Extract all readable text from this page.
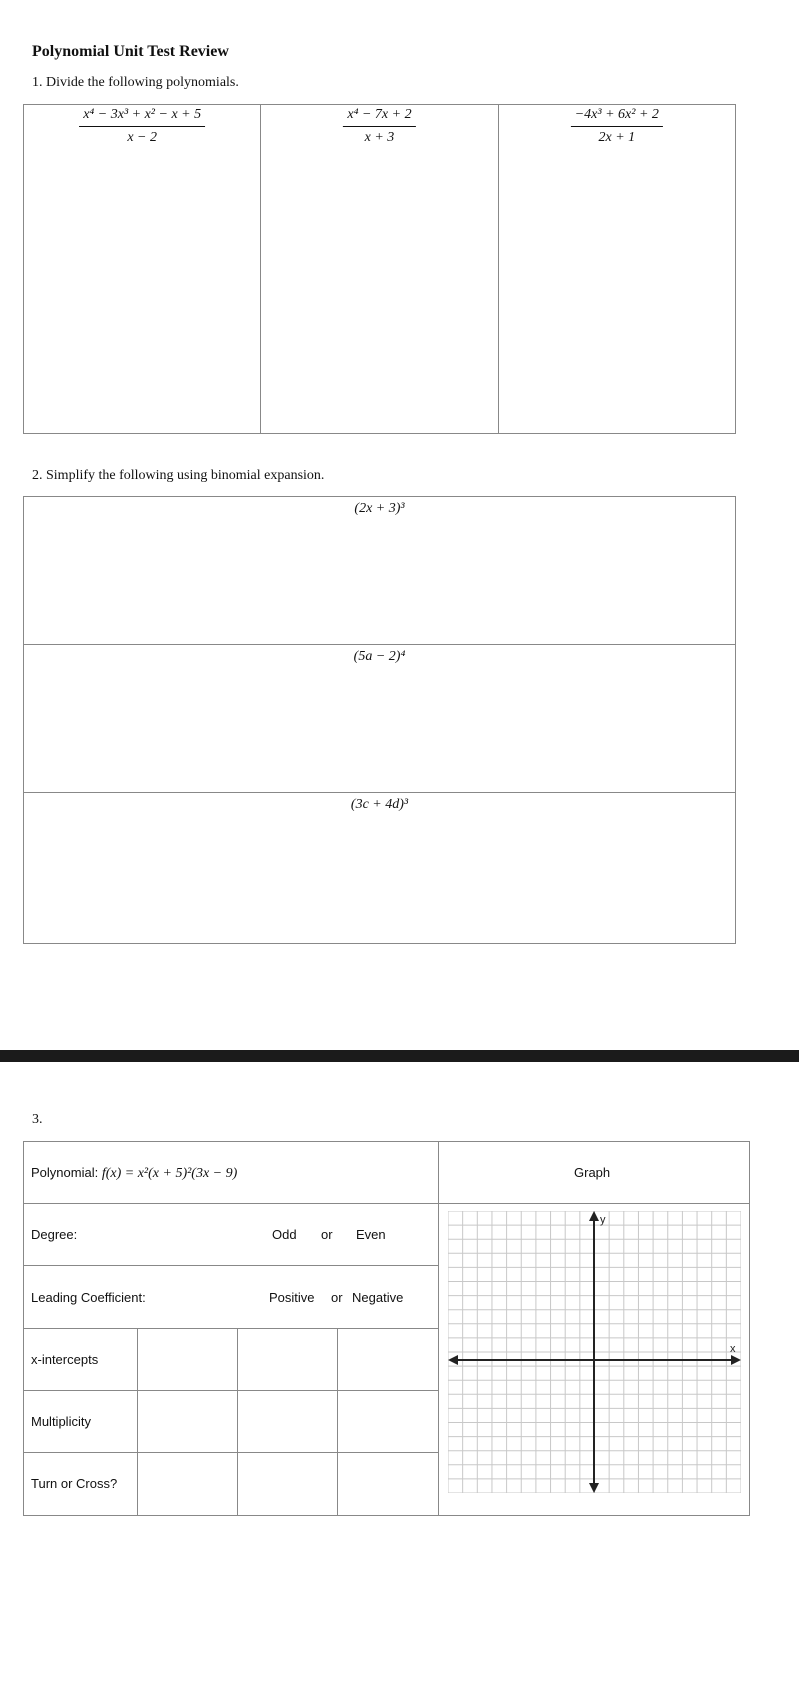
Polynomial Unit Test Review
1. Divide the following polynomials.
$\frac{\text{x⁴ − 3x³ + x² − x + 5}}{x - 2}$	$\frac{\text{x⁴ − 7x + 2}}{x + 3}$	$\frac{\text{−4x³ + 6x² + 2}}{2x + 1}$
2. Simplify the following using binomial expansion.
(2x + 3)³
(5a − 2)⁴
(3c + 4d)³
3.
Polynomial: f(x) = x²(x + 5)²(3x − 9)	Graph
Degree:	Odd or Even
Leading Coefficient:	Positive or Negative
x-intercepts
Multiplicity
Turn or Cross?
x
y
